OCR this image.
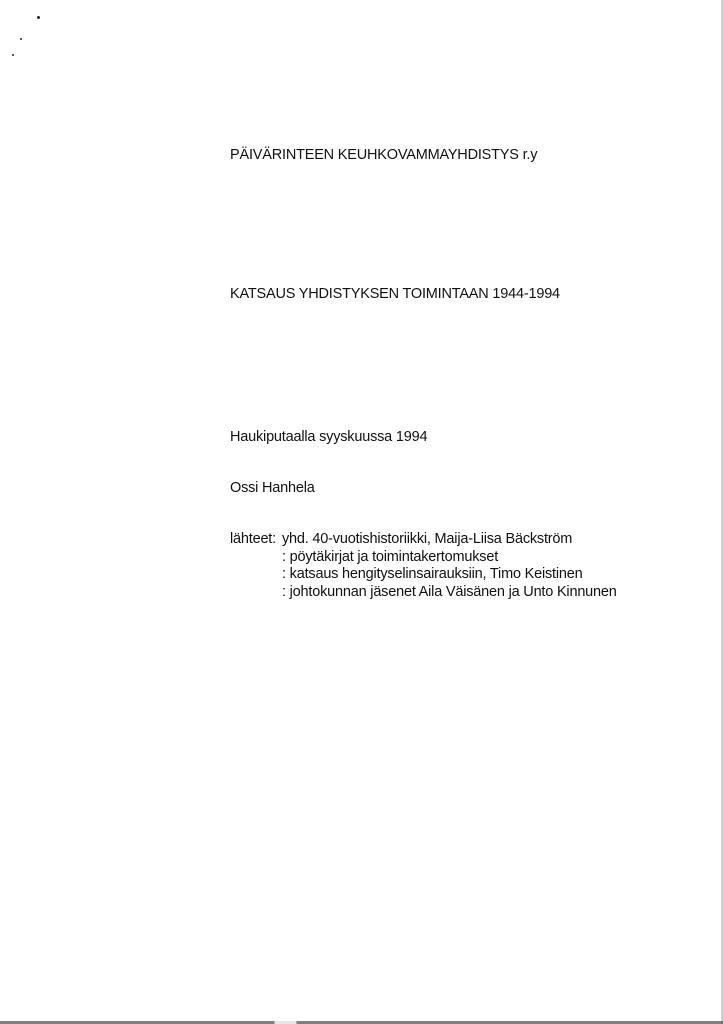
PÄIVÄRINTEEN KEUHKOVAMMAYHDISTYS r.y
KATSAUS YHDISTYKSEN TOIMINTAAN 1944-1994
Haukiputaalla syyskuussa 1994
Ossi Hanhela
lähteet: yhd. 40-vuotishistoriikki, Maija-Liisa Bäckström
: pöytäkirjat ja toimintakertomukset
: katsaus hengityselinsairauksiin, Timo Keistinen
: johtokunnan jäsenet Aila Väisänen ja Unto Kinnunen
